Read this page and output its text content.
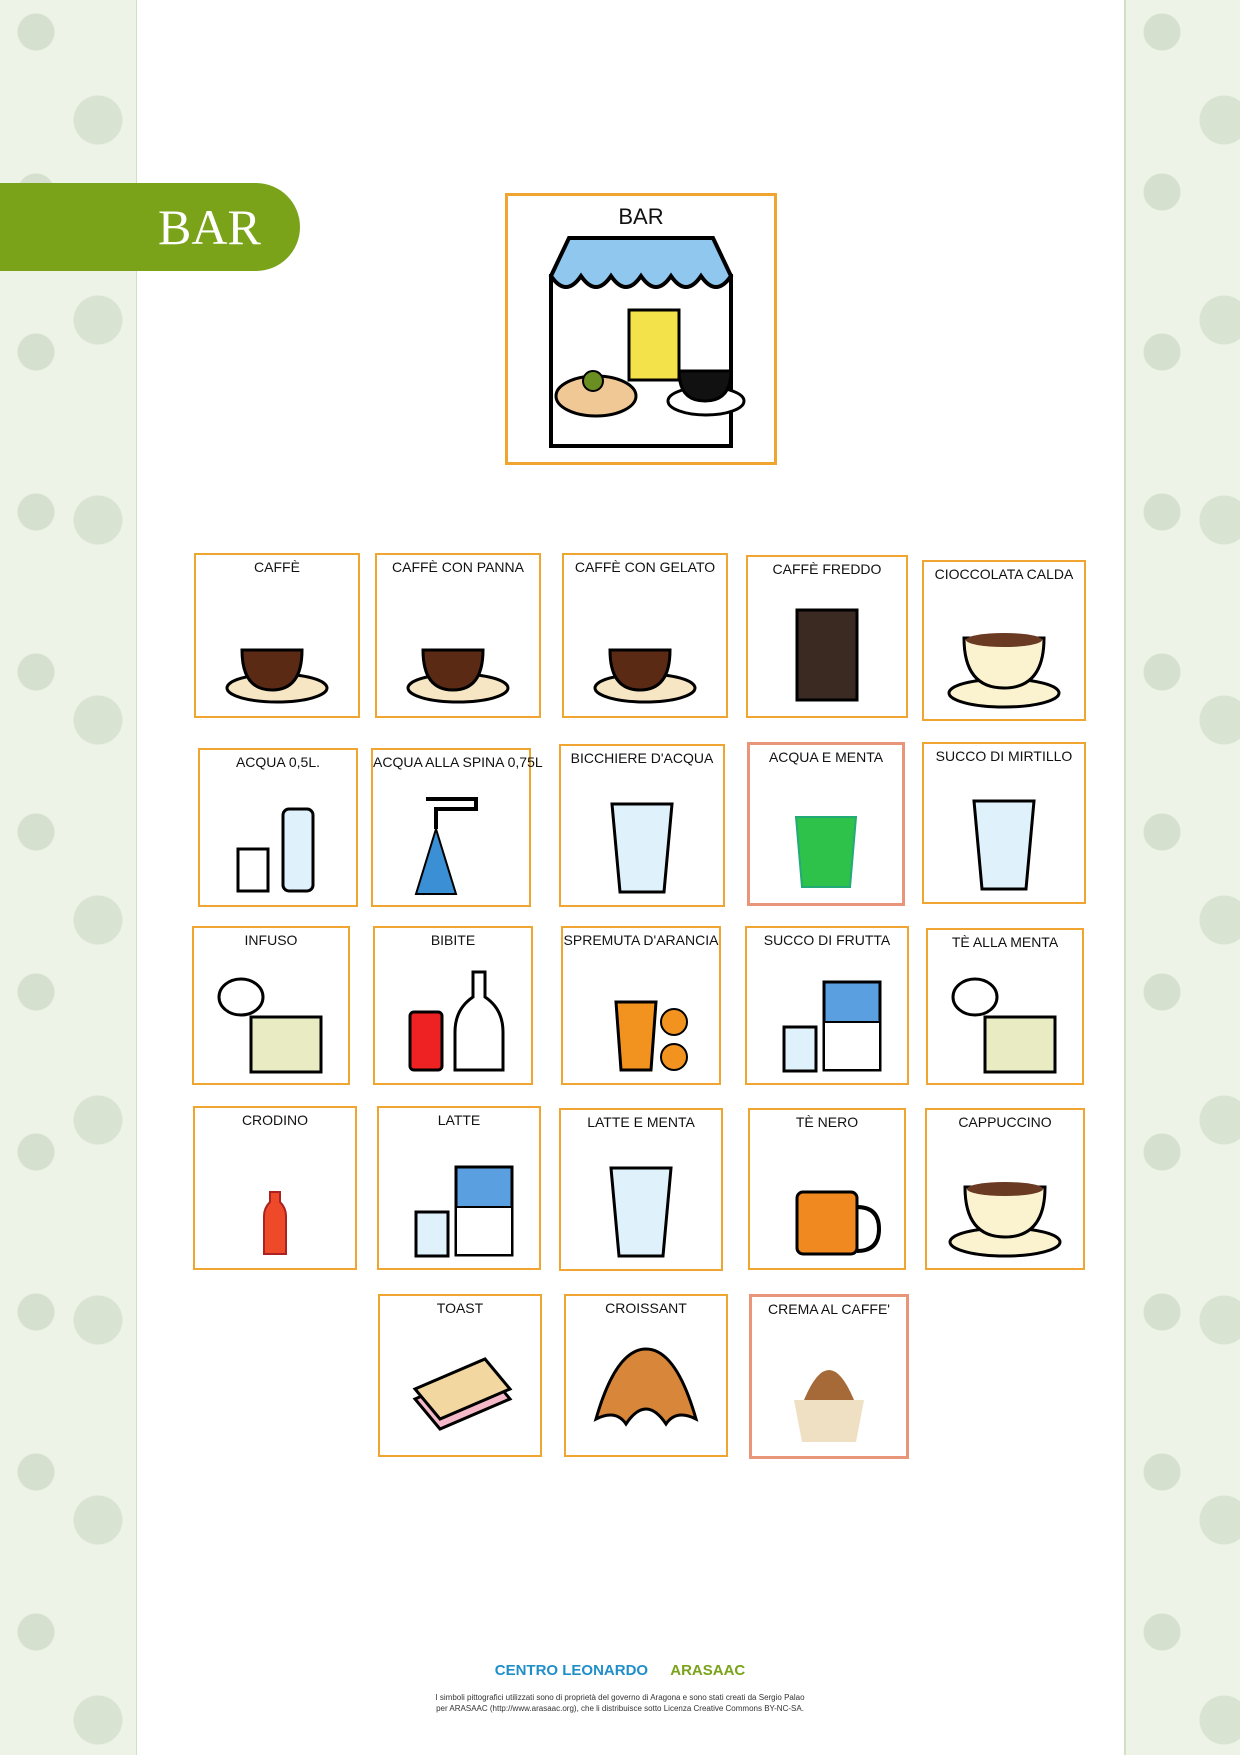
BAR	BAR
CAFFÈ	CAFFÈ CON PANNA	CAFFÈ CON GELATO	CAFFÈ FREDDO	CIOCCOLATA CALDA
ACQUA 0,5L.	ACQUA ALLA SPINA 0,75L	BICCHIERE D'ACQUA	ACQUA E MENTA	SUCCO DI MIRTILLO
INFUSO	BIBITE	SPREMUTA D'ARANCIA	SUCCO DI FRUTTA	TÈ ALLA MENTA
CRODINO	LATTE	LATTE E MENTA	TÈ NERO	CAPPUCCINO
TOAST	CROISSANT	CREMA AL CAFFE'
CENTRO LEONARDO ARASAAC
I simboli pittografici utilizzati sono di proprietà del governo di Aragona e sono stati creati da Sergio Palao
per ARASAAC (http://www.arasaac.org), che li distribuisce sotto Licenza Creative Commons BY-NC-SA.
